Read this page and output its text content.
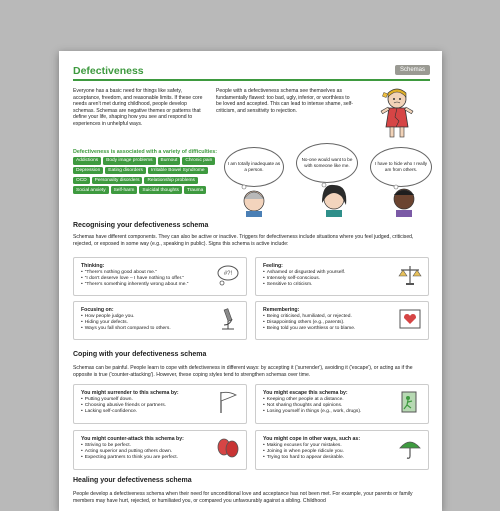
Defectiveness	Schemas
Everyone has a basic need for things like safety, acceptance, freedom, and reasonable limits. If these core needs aren't met during childhood, people develop schemas. Schemas are negative themes or patterns that define your life, shaping how you see and respond to experiences in unhelpful ways.
People with a defectiveness schema see themselves as fundamentally flawed: too bad, ugly, inferior, or worthless to be loved and accepted. This can lead to intense shame, self-criticism, and sensitivity to rejection.
Defectiveness is associated with a variety of difficulties:
Addictions	Body image problems	Burnout	Chronic pain
Depression	Eating disorders	Irritable Bowel Syndrome
OCD	Personality disorders	Relationship problems
Social anxiety	Self-harm	Suicidal thoughts	Trauma
I am totally inadequate as a person.
No-one would want to be with someone like me.	I have to hide who I really am from others.
Recognising your defectiveness schema
Schemas have different components. They can also be active or inactive. Triggers for defectiveness include situations where you feel judged, criticised, rejected, or exposed in some way (e.g., speaking in public). Signs this schema is active include:
Thinking:
• “There's nothing good about me.”
• “I don't deserve love – I have nothing to offer.”
• “There's something inherently wrong about me.”
#?!
Feeling:
• Ashamed or disgusted with yourself.
• Intensely self-conscious.
• Sensitive to criticism.
Focusing on:
• How people judge you.
• Hiding your defects.
• Ways you fall short compared to others.
Remembering:
• Being criticised, humiliated, or rejected.
• Disappointing others (e.g., parents).
• Being told you are worthless or to blame.
Coping with your defectiveness schema
Schemas can be painful. People learn to cope with defectiveness in different ways: by accepting it ('surrender'), avoiding it ('escape'), or acting as if the opposite is true ('counter-attacking'). However, these coping styles tend to strengthen schemas over time.
You might surrender to this schema by:
• Putting yourself down.
• Choosing abusive friends or partners.
• Lacking self-confidence.
You might escape this schema by:
• Keeping other people at a distance.
• Not sharing thoughts and opinions.
• Losing yourself in things (e.g., work, drugs).
You might counter-attack this schema by:
• Striving to be perfect.
• Acting superior and putting others down.
• Expecting partners to think you are perfect.
You might cope in other ways, such as:
• Making excuses for your mistakes.
• Joining in when people ridicule you.
• Trying too hard to appear desirable.
Healing your defectiveness schema
People develop a defectiveness schema when their need for unconditional love and acceptance has not been met. For example, your parents or family members may have hurt, rejected, or humiliated you, or compared you unfavourably against a sibling. Childhood
